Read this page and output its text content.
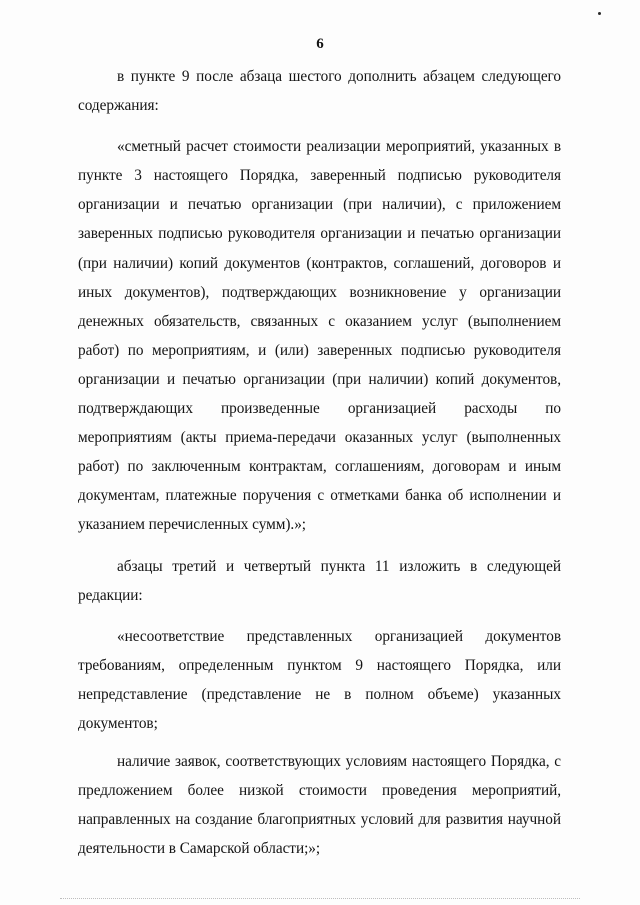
6

в пункте 9 после абзаца шестого дополнить абзацем следующего содержания:

«сметный расчет стоимости реализации мероприятий, указанных в пункте 3 настоящего Порядка, заверенный подписью руководителя организации и печатью организации (при наличии), с приложением заверенных подписью руководителя организации и печатью организации (при наличии) копий документов (контрактов, соглашений, договоров и иных документов), подтверждающих возникновение у организации денежных обязательств, связанных с оказанием услуг (выполнением работ) по мероприятиям, и (или) заверенных подписью руководителя организации и печатью организации (при наличии) копий документов, подтверждающих произведенные организацией расходы по мероприятиям (акты приема-передачи оказанных услуг (выполненных работ) по заключенным контрактам, соглашениям, договорам и иным документам, платежные поручения с отметками банка об исполнении и указанием перечисленных сумм).»;

абзацы третий и четвертый пункта 11 изложить в следующей редакции:

«несоответствие представленных организацией документов требованиям, определенным пунктом 9 настоящего Порядка, или непредставление (представление не в полном объеме) указанных документов;

наличие заявок, соответствующих условиям настоящего Порядка, с предложением более низкой стоимости проведения мероприятий, направленных на создание благоприятных условий для развития научной деятельности в Самарской области;»;
